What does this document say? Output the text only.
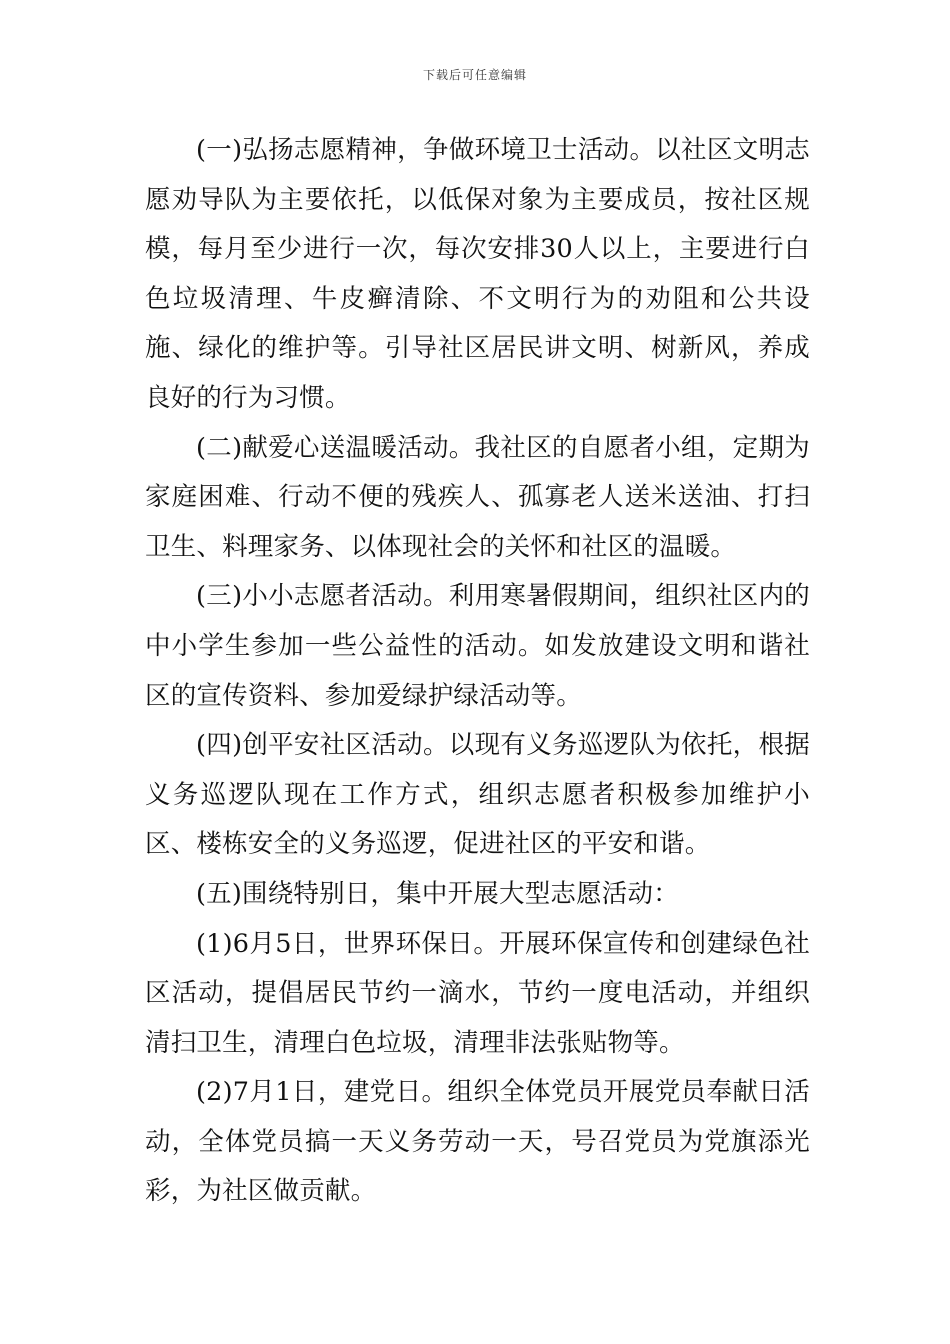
下载后可任意编辑

(一)弘扬志愿精神，争做环境卫士活动。以社区文明志愿劝导队为主要依托，以低保对象为主要成员，按社区规模，每月至少进行一次，每次安排30人以上，主要进行白色垃圾清理、牛皮癣清除、不文明行为的劝阻和公共设施、绿化的维护等。引导社区居民讲文明、树新风，养成良好的行为习惯。

(二)献爱心送温暖活动。我社区的自愿者小组，定期为家庭困难、行动不便的残疾人、孤寡老人送米送油、打扫卫生、料理家务、以体现社会的关怀和社区的温暖。

(三)小小志愿者活动。利用寒暑假期间，组织社区内的中小学生参加一些公益性的活动。如发放建设文明和谐社区的宣传资料、参加爱绿护绿活动等。

(四)创平安社区活动。以现有义务巡逻队为依托，根据义务巡逻队现在工作方式，组织志愿者积极参加维护小区、楼栋安全的义务巡逻，促进社区的平安和谐。

(五)围绕特别日，集中开展大型志愿活动：

(1)6月5日，世界环保日。开展环保宣传和创建绿色社区活动，提倡居民节约一滴水，节约一度电活动，并组织清扫卫生，清理白色垃圾，清理非法张贴物等。

(2)7月1日，建党日。组织全体党员开展党员奉献日活动，全体党员搞一天义务劳动一天，号召党员为党旗添光彩，为社区做贡献。
